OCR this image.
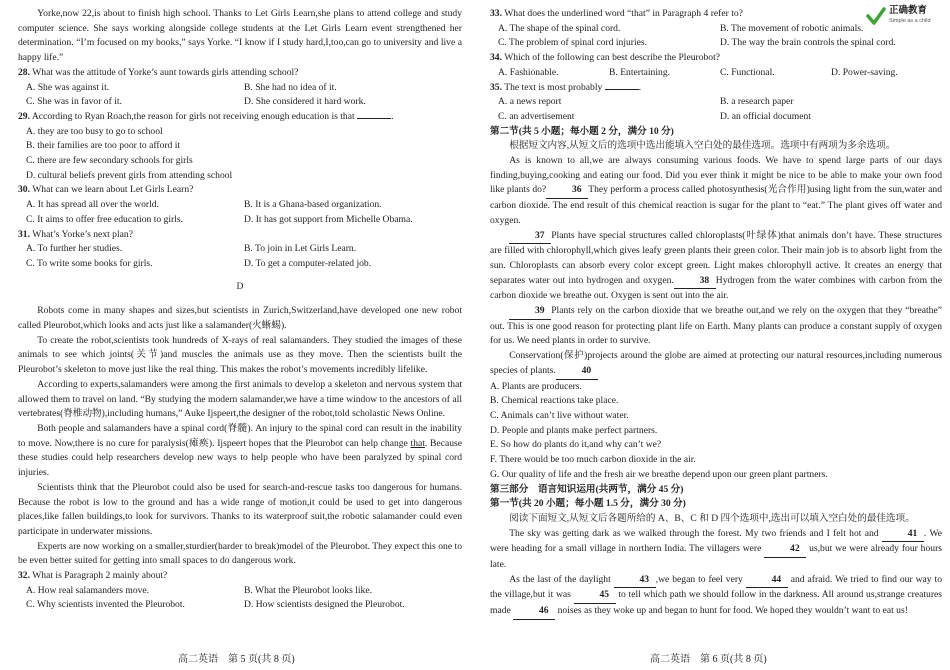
Yorke,now 22,is about to finish high school. Thanks to Let Girls Learn,she plans to attend college and study computer science. She says working alongside college students at the Let Girls Learn event strengthened her determination. “I’m focused on my books,” says Yorke. “I know if I study hard,I,too,can go to university and live a happy life.”

28. What was the attitude of Yorke’s aunt towards girls attending school?

A. She was against it.	B. She had no idea of it.
C. She was in favor of it.	D. She considered it hard work.

29. According to Ryan Roach,the reason for girls not receiving enough education is that	.

A. they are too busy to go to school

B. their families are too poor to afford it

C. there are few secondary schools for girls

D. cultural beliefs prevent girls from attending school

30. What can we learn about Let Girls Learn?

A. It has spread all over the world.	B. It is a Ghana-based organization.
C. It aims to offer free education to girls.	D. It has got support from Michelle Obama.

31. What’s Yorke’s next plan?

A. To further her studies.	B. To join in Let Girls Learn.
C. To write some books for girls.	D. To get a computer-related job.

D

Robots come in many shapes and sizes,but scientists in Zurich,Switzerland,have developed one new robot called Pleurobot,which looks and acts just like a salamander(火蜥蜴).

To create the robot,scientists took hundreds of X-rays of real salamanders. They studied the images of these animals to see which joints(关节)and muscles the animals use as they move. Then the scientists built the Pleurobot’s skeleton to move just like the real thing. This makes the robot’s movements incredibly lifelike.

According to experts,salamanders were among the first animals to develop a skeleton and nervous system that allowed them to travel on land. “By studying the modern salamander,we have a time window to the ancestors of all vertebrates(脊椎动物),including humans,” Auke Ijspeert,the designer of the robot,told scholastic News Online.

Both people and salamanders have a spinal cord(脊髓). An injury to the spinal cord can result in the inability to move. Now,there is no cure for paralysis(瘫痪). Ijspeert hopes that the Pleurobot can help change that. Because these studies could help researchers develop new ways to help people who have been paralyzed by spinal cord injuries.

Scientists think that the Pleurobot could also be used for search-and-rescue tasks too dangerous for humans. Because the robot is low to the ground and has a wide range of motion,it could be used to get into dangerous places,like fallen buildings,to look for survivors. Thanks to its waterproof suit,the robotic salamander could even participate in underwater missions.

Experts are now working on a smaller,sturdier(harder to break)model of the Pleurobot. They expect this one to be even better suited for getting into small spaces to do dangerous work.

32. What is Paragraph 2 mainly about?

A. How real salamanders move.	B. What the Pleurobot looks like.
C. Why scientists invented the Pleurobot.	D. How scientists designed the Pleurobot.
高二英语　第 5 页(共 8 页)

33. What does the underlined word “that” in Paragraph 4 refer to?

A. The shape of the spinal cord.	B. The movement of robotic animals.
C. The problem of spinal cord injuries.	D. The way the brain controls the spinal cord.

34. Which of the following can best describe the Pleurobot?

A. Fashionable.	B. Entertaining.	C. Functional.	D. Power-saving.

35. The text is most probably	.

A. a news report	B. a research paper
C. an advertisement	D. an official document

第二节(共 5 小题；每小题 2 分，满分 10 分)

根据短文内容,从短文后的选项中选出能填入空白处的最佳选项。选项中有两项为多余选项。

As is known to all,we are always consuming various foods. We have to spend large parts of our days finding,buying,cooking and eating our food. Did you ever think it might be nice to be able to make your own food like plants do?	36 They perform a process called photosynthesis(光合作用)using light from the sun,water and carbon dioxide. The end result of this chemical reaction is sugar for the plant to “eat.” The plant gives off water and oxygen.

37 Plants have special structures called chloroplasts(叶绿体)that animals don’t have. These structures are filled with chlorophyll,which gives leafy green plants their green color. Their main job is to absorb light from the sun. Chloroplasts can absorb every color except green. Light makes chlorophyll active. It creates an energy that separates water out into hydrogen and oxygen.	38 Hydrogen from the water combines with carbon from the carbon dioxide we breathe out. Oxygen is sent out into the air.

39 Plants rely on the carbon dioxide that we breathe out,and we rely on the oxygen that they “breathe” out. This is one good reason for protecting plant life on Earth. Many plants can produce a constant supply of oxygen for us. We need plants in order to survive.

Conservation(保护)projects around the globe are aimed at protecting our natural resources,including numerous species of plants.	40

A. Plants are producers.

B. Chemical reactions take place.

C. Animals can’t live without water.

D. People and plants make perfect partners.

E. So how do plants do it,and why can’t we?

F. There would be too much carbon dioxide in the air.

G. Our quality of life and the fresh air we breathe depend upon our green plant partners.

第三部分　语言知识运用(共两节，满分 45 分)

第一节(共 20 小题；每小题 1.5 分，满分 30 分)

阅读下面短文,从短文后各题所给的 A、B、C 和 D 四个选项中,选出可以填入空白处的最佳选项。

The sky was getting dark as we walked through the forest. My two friends and I felt hot and	41 . We were heading for a small village in northern India. The villagers were	42 us,but we were already four hours late.

As the last of the daylight	43 ,we began to feel very	44 and afraid. We tried to find our way to the village,but it was	45 to tell which path we should follow in the darkness. All around us,strange creatures made	46 noises as they woke up and began to hunt for food. We hoped they wouldn’t want to eat us!

高二英语　第 6 页(共 8 页)
正确教育
Simple as a child
